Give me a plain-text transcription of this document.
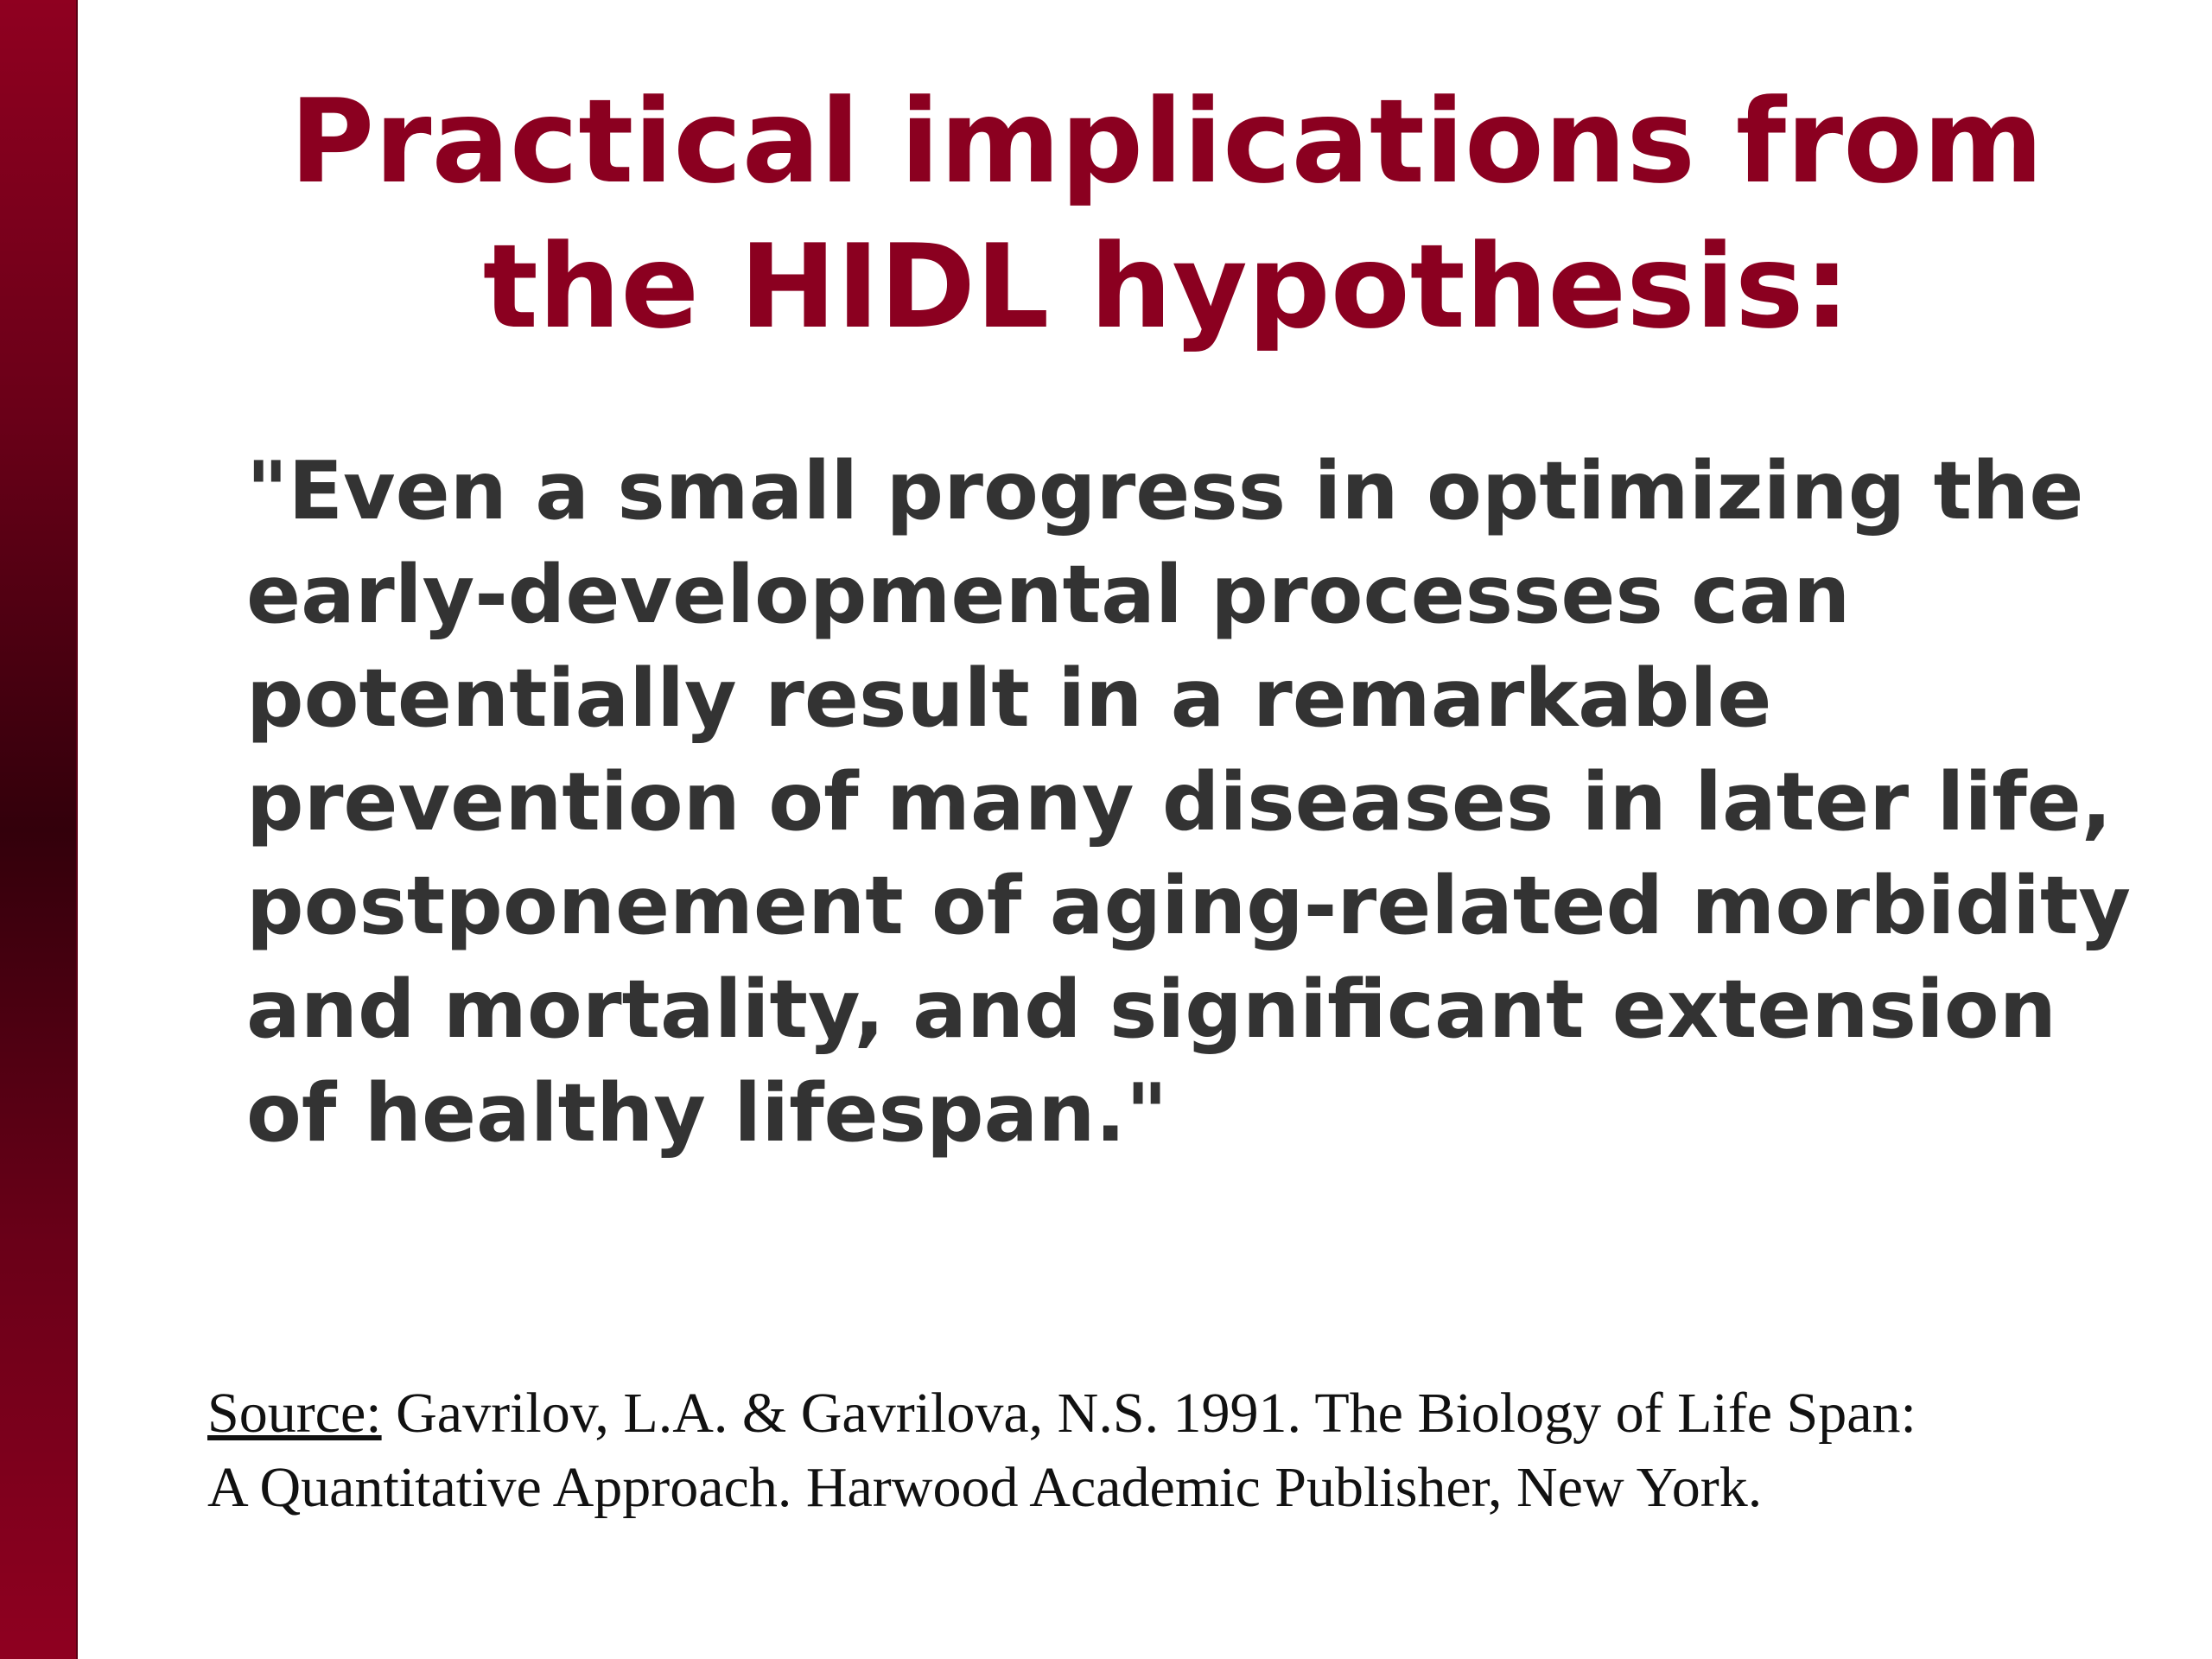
Practical implications from
the HIDL hypothesis:

"Even a small progress in optimizing the
early-developmental processes can
potentially result in a remarkable
prevention of many diseases in later life,
postponement of aging-related morbidity
and mortality, and significant extension
of healthy lifespan."

Source: Gavrilov, L.A. & Gavrilova, N.S. 1991. The Biology of Life Span:
A Quantitative Approach. Harwood Academic Publisher, New York.
